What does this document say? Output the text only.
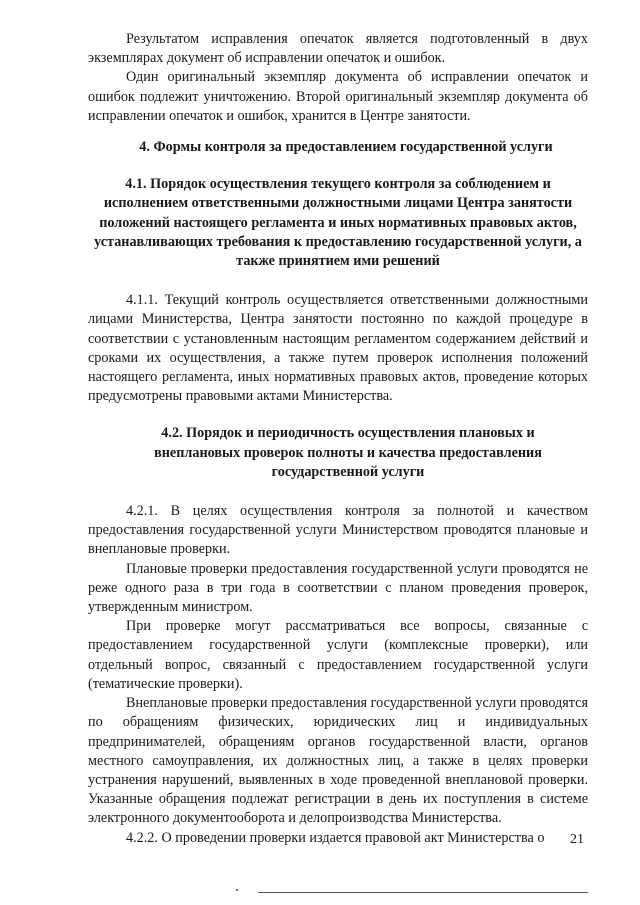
Результатом исправления опечаток является подготовленный в двух экземплярах документ об исправлении опечаток и ошибок.

Один оригинальный экземпляр документа об исправлении опечаток и ошибок подлежит уничтожению. Второй оригинальный экземпляр документа об исправлении опечаток и ошибок, хранится в Центре занятости.

4. Формы контроля за предоставлением государственной услуги

4.1. Порядок осуществления текущего контроля за соблюдением и исполнением ответственными должностными лицами Центра занятости положений настоящего регламента и иных нормативных правовых актов, устанавливающих требования к предоставлению государственной услуги, а также принятием ими решений

4.1.1. Текущий контроль осуществляется ответственными должностными лицами Министерства, Центра занятости постоянно по каждой процедуре в соответствии с установленным настоящим регламентом содержанием действий и сроками их осуществления, а также путем проверок исполнения положений настоящего регламента, иных нормативных правовых актов, проведение которых предусмотрены правовыми актами Министерства.

4.2. Порядок и периодичность осуществления плановых и внеплановых проверок полноты и качества предоставления государственной услуги

4.2.1. В целях осуществления контроля за полнотой и качеством предоставления государственной услуги Министерством проводятся плановые и внеплановые проверки.

Плановые проверки предоставления государственной услуги проводятся не реже одного раза в три года в соответствии с планом проведения проверок, утвержденным министром.

При проверке могут рассматриваться все вопросы, связанные с предоставлением государственной услуги (комплексные проверки), или отдельный вопрос, связанный с предоставлением государственной услуги (тематические проверки).

Внеплановые проверки предоставления государственной услуги проводятся по обращениям физических, юридических лиц и индивидуальных предпринимателей, обращениям органов государственной власти, органов местного самоуправления, их должностных лиц, а также в целях проверки устранения нарушений, выявленных в ходе проведенной внеплановой проверки. Указанные обращения подлежат регистрации в день их поступления в системе электронного документооборота и делопроизводства Министерства.

4.2.2. О проведении проверки издается правовой акт Министерства о	21
